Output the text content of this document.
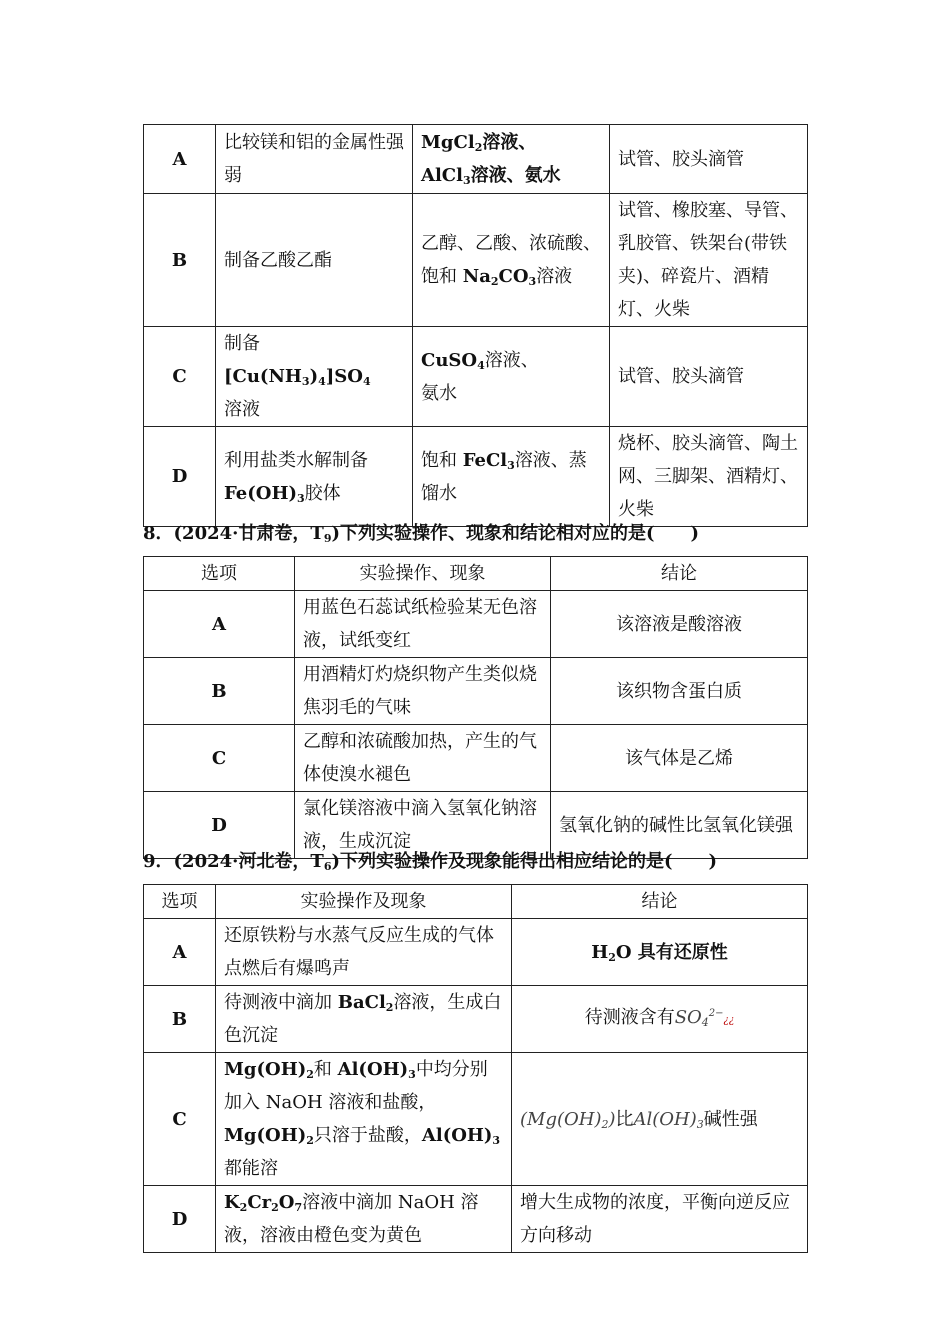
A	比较镁和铝的金属性强弱	MgCl$_2$溶液、
AlCl$_3$溶液、氨水	试管、胶头滴管
B	制备乙酸乙酯	乙醇、乙酸、浓硫酸、饱和 $Na_2CO_3$溶液	试管、橡胶塞、导管、乳胶管、铁架台(带铁夹)、碎瓷片、酒精灯、火柴
C	制备
$[Cu(NH_3)_4]SO_4$
溶液	CuSO$_4$溶液、
氨水	试管、胶头滴管
D	利用盐类水解制备
$Fe(OH)_3$胶体	饱和 FeCl$_3$溶液、蒸馏水	烧杯、胶头滴管、陶土网、三脚架、酒精灯、火柴
8．(2024·甘肃卷，$T_9$)下列实验操作、现象和结论相对应的是(　　)
选项	实验操作、现象	结论
A	用蓝色石蕊试纸检验某无色溶液，试纸变红	该溶液是酸溶液
B	用酒精灯灼烧织物产生类似烧焦羽毛的气味	该织物含蛋白质
C	乙醇和浓硫酸加热，产生的气体使溴水褪色	该气体是乙烯
D	氯化镁溶液中滴入氢氧化钠溶液，生成沉淀	氢氧化钠的碱性比氢氧化镁强
9．(2024·河北卷，$T_6$)下列实验操作及现象能得出相应结论的是(　　)
选项	实验操作及现象	结论
A	还原铁粉与水蒸气反应生成的气体点燃后有爆鸣声	$H_2O$ 具有还原性
B	待测液中滴加 BaCl$_2$溶液，生成白色沉淀	待测液含有$SO_4^{2-}¿¿$
C	$Mg(OH)_2$和 $Al(OH)_3$中均分别加入 NaOH 溶液和盐酸，$Mg(OH)_2$只溶于盐酸，$Al(OH)_3$都能溶	$(Mg(OH)_2)$比$Al(OH)_3$碱性强
D	$K_2Cr_2O_7$溶液中滴加 NaOH 溶液，溶液由橙色变为黄色	增大生成物的浓度，平衡向逆反应方向移动
